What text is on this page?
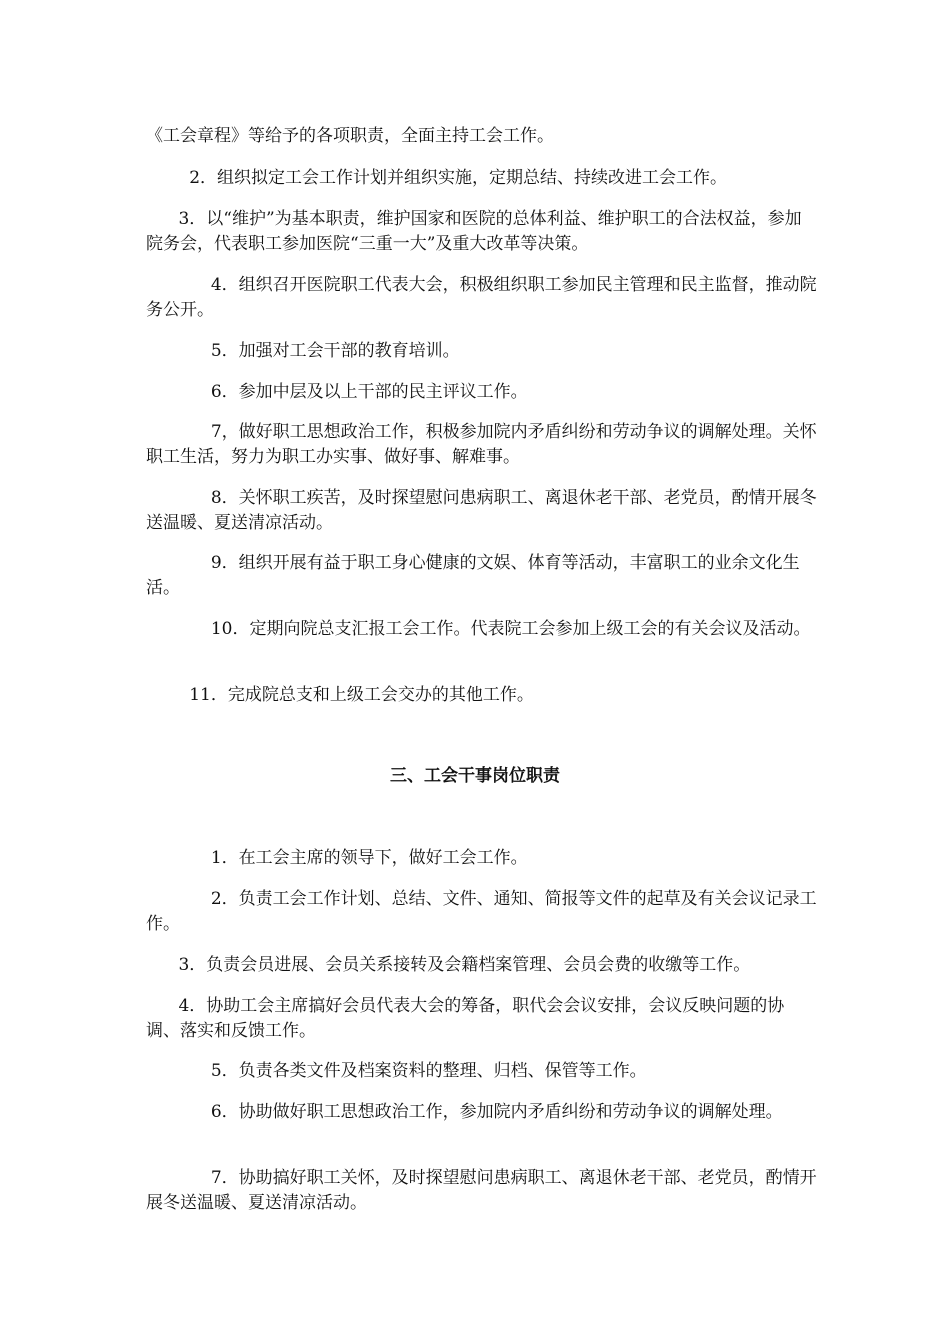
《工会章程》等给予的各项职责，全面主持工会工作。

2．组织拟定工会工作计划并组织实施，定期总结、持续改进工会工作。

3．以“维护”为基本职责，维护国家和医院的总体利益、维护职工的合法权益，参加院务会，代表职工参加医院“三重一大”及重大改革等决策。

4．组织召开医院职工代表大会，积极组织职工参加民主管理和民主监督，推动院务公开。

5．加强对工会干部的教育培训。

6．参加中层及以上干部的民主评议工作。

7，做好职工思想政治工作，积极参加院内矛盾纠纷和劳动争议的调解处理。关怀职工生活，努力为职工办实事、做好事、解难事。

8．关怀职工疾苦，及时探望慰问患病职工、离退休老干部、老党员，酌情开展冬送温暖、夏送清凉活动。

9．组织开展有益于职工身心健康的文娱、体育等活动，丰富职工的业余文化生活。

10．定期向院总支汇报工会工作。代表院工会参加上级工会的有关会议及活动。

11．完成院总支和上级工会交办的其他工作。

三、工会干事岗位职责

1．在工会主席的领导下，做好工会工作。

2．负责工会工作计划、总结、文件、通知、简报等文件的起草及有关会议记录工作。

3．负责会员进展、会员关系接转及会籍档案管理、会员会费的收缴等工作。

4．协助工会主席搞好会员代表大会的筹备，职代会会议安排，会议反映问题的协调、落实和反馈工作。

5．负责各类文件及档案资料的整理、归档、保管等工作。

6．协助做好职工思想政治工作，参加院内矛盾纠纷和劳动争议的调解处理。

7．协助搞好职工关怀，及时探望慰问患病职工、离退休老干部、老党员，酌情开展冬送温暖、夏送清凉活动。
